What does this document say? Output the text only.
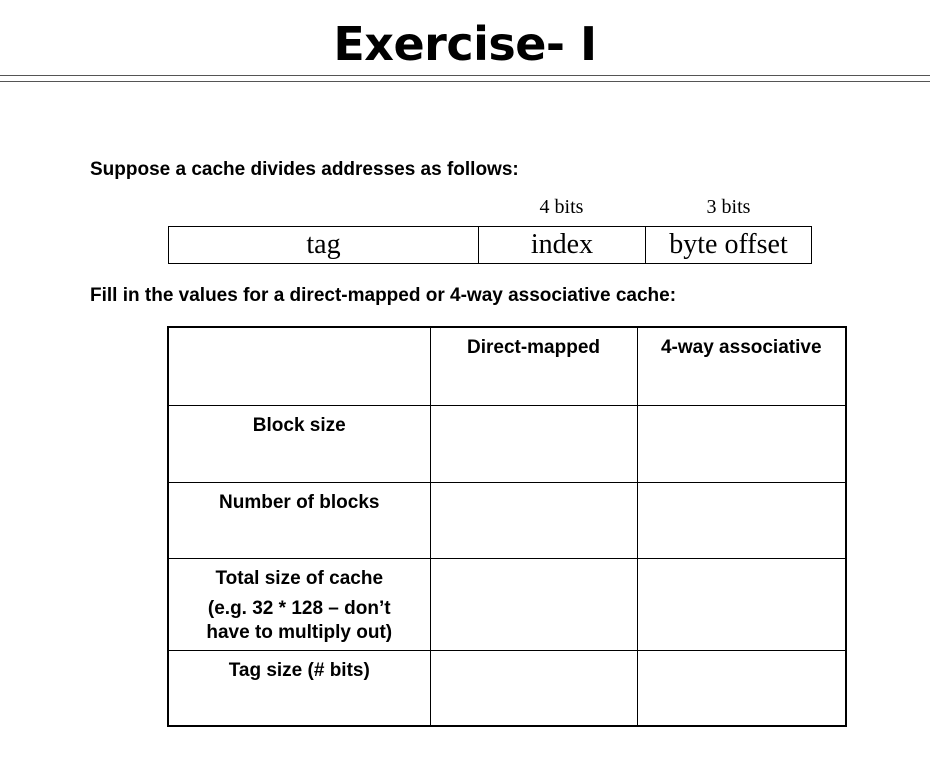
Exercise- I
Suppose a cache divides addresses as follows:
4 bits	3 bits
tag	index	byte offset
Fill in the values for a direct-mapped or 4-way associative cache:
	Direct-mapped	4-way associative
Block size		
Number of blocks		

Total size of cache
(e.g. 32 * 128 – don’t
have to multiply out)		

Tag size (# bits)		
